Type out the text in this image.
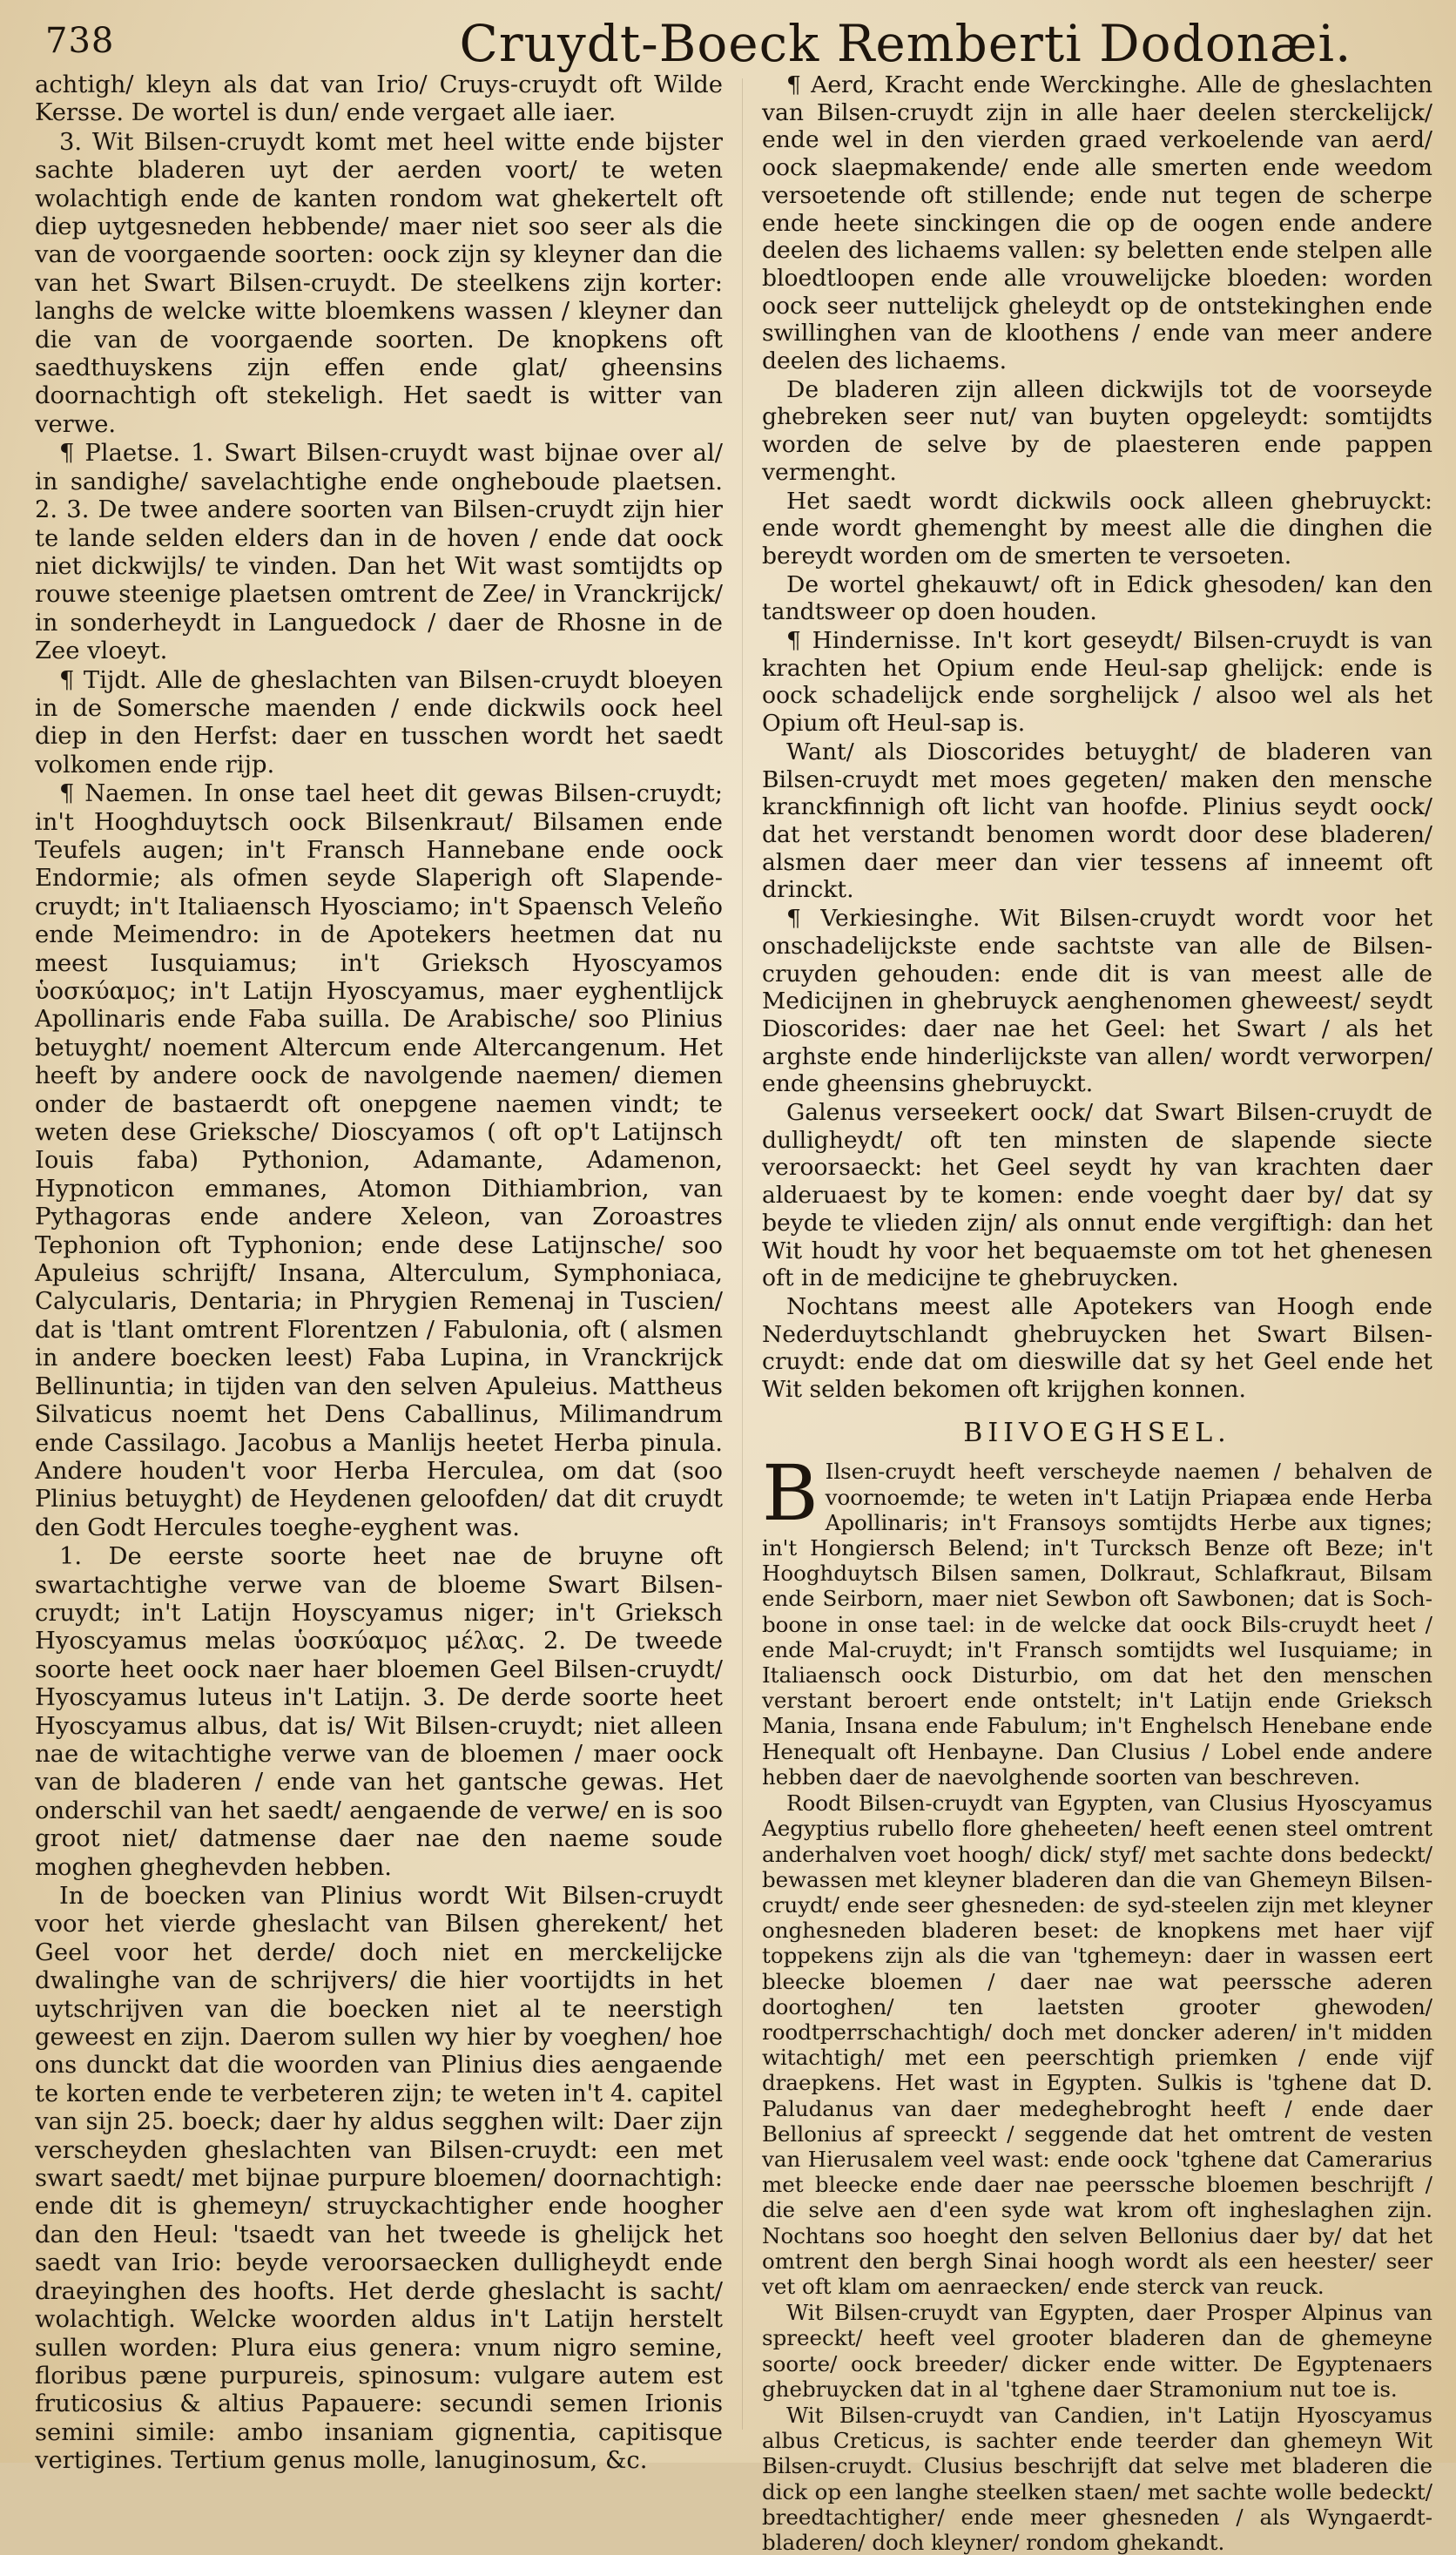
738	Cruydt-Boeck Remberti Dodonæi.

achtigh/ kleyn als dat van Irio/ Cruys-cruydt oft Wilde Kersse. De wortel is dun/ ende vergaet alle iaer.

3. Wit Bilsen-cruydt komt met heel witte ende bijster sachte bladeren uyt der aerden voort/ te weten wolachtigh ende de kanten rondom wat ghekertelt oft diep uytgesneden hebbende/ maer niet soo seer als die van de voorgaende soorten: oock zijn sy kleyner dan die van het Swart Bilsen-cruydt. De steelkens zijn korter: langhs de welcke witte bloemkens wassen / kleyner dan die van de voorgaende soorten. De knopkens oft saedthuyskens zijn effen ende glat/ gheensins doornachtigh oft stekeligh. Het saedt is witter van verwe.

¶ Plaetse. 1. Swart Bilsen-cruydt wast bijnae over al/ in sandighe/ savelachtighe ende ongheboude plaetsen. 2. 3. De twee andere soorten van Bilsen-cruydt zijn hier te lande selden elders dan in de hoven / ende dat oock niet dickwijls/ te vinden. Dan het Wit wast somtijdts op rouwe steenige plaetsen omtrent de Zee/ in Vranckrijck/ in sonderheydt in Languedock / daer de Rhosne in de Zee vloeyt.

¶ Tijdt. Alle de gheslachten van Bilsen-cruydt bloeyen in de Somersche maenden / ende dickwils oock heel diep in den Herfst: daer en tusschen wordt het saedt volkomen ende rijp.

¶ Naemen. In onse tael heet dit gewas Bilsen-cruydt; in't Hooghduytsch oock Bilsenkraut/ Bilsamen ende Teufels augen; in't Fransch Hannebane ende oock Endormie; als ofmen seyde Slaperigh oft Slapende-cruydt; in't Italiaensch Hyosciamo; in't Spaensch Veleño ende Meimendro: in de Apotekers heetmen dat nu meest Iusquiamus; in't Grieksch Hyoscyamos ὑοσκύαμος; in't Latijn Hyoscyamus, maer eyghentlijck Apollinaris ende Faba suilla. De Arabische/ soo Plinius betuyght/ noement Altercum ende Altercangenum. Het heeft by andere oock de navolgende naemen/ diemen onder de bastaerdt oft onepgene naemen vindt; te weten dese Grieksche/ Dioscyamos ( oft op't Latijnsch Iouis faba) Pythonion, Adamante, Adamenon, Hypnoticon emmanes, Atomon Dithiambrion, van Pythagoras ende andere Xeleon, van Zoroastres Tephonion oft Typhonion; ende dese Latijnsche/ soo Apuleius schrijft/ Insana, Alterculum, Symphoniaca, Calycularis, Dentaria; in Phrygien Remenaj in Tuscien/ dat is 'tlant omtrent Florentzen / Fabulonia, oft ( alsmen in andere boecken leest) Faba Lupina, in Vranckrijck Bellinuntia; in tijden van den selven Apuleius. Mattheus Silvaticus noemt het Dens Caballinus, Milimandrum ende Cassilago. Jacobus a Manlijs heetet Herba pinula. Andere houden't voor Herba Herculea, om dat (soo Plinius betuyght) de Heydenen geloofden/ dat dit cruydt den Godt Hercules toeghe-eyghent was.

1. De eerste soorte heet nae de bruyne oft swartachtighe verwe van de bloeme Swart Bilsen-cruydt; in't Latijn Hoyscyamus niger; in't Grieksch Hyoscyamus melas ὑοσκύαμος μέλας. 2. De tweede soorte heet oock naer haer bloemen Geel Bilsen-cruydt/ Hyoscyamus luteus in't Latijn. 3. De derde soorte heet Hyoscyamus albus, dat is/ Wit Bilsen-cruydt; niet alleen nae de witachtighe verwe van de bloemen / maer oock van de bladeren / ende van het gantsche gewas. Het onderschil van het saedt/ aengaende de verwe/ en is soo groot niet/ datmense daer nae den naeme soude moghen gheghevden hebben.

In de boecken van Plinius wordt Wit Bilsen-cruydt voor het vierde gheslacht van Bilsen gherekent/ het Geel voor het derde/ doch niet en merckelijcke dwalinghe van de schrijvers/ die hier voortijdts in het uytschrijven van die boecken niet al te neerstigh geweest en zijn. Daerom sullen wy hier by voeghen/ hoe ons dunckt dat die woorden van Plinius dies aengaende te korten ende te verbeteren zijn; te weten in't 4. capitel van sijn 25. boeck; daer hy aldus segghen wilt: Daer zijn verscheyden gheslachten van Bilsen-cruydt: een met swart saedt/ met bijnae purpure bloemen/ doornachtigh: ende dit is ghemeyn/ struyckachtigher ende hoogher dan den Heul: 'tsaedt van het tweede is ghelijck het saedt van Irio: beyde veroorsaecken dulligheydt ende draeyinghen des hoofts. Het derde gheslacht is sacht/ wolachtigh. Welcke woorden aldus in't Latijn herstelt sullen worden: Plura eius genera: vnum nigro semine, floribus pæne purpureis, spinosum: vulgare autem est fruticosius & altius Papauere: secundi semen Irionis semini simile: ambo insaniam gignentia, capitisque vertigines. Tertium genus molle, lanuginosum, &c.

¶ Aerd, Kracht ende Werckinghe. Alle de gheslachten van Bilsen-cruydt zijn in alle haer deelen sterckelijck/ ende wel in den vierden graed verkoelende van aerd/ oock slaepmakende/ ende alle smerten ende weedom versoetende oft stillende; ende nut tegen de scherpe ende heete sinckingen die op de oogen ende andere deelen des lichaems vallen: sy beletten ende stelpen alle bloedtloopen ende alle vrouwelijcke bloeden: worden oock seer nuttelijck gheleydt op de ontstekinghen ende swillinghen van de kloothens / ende van meer andere deelen des lichaems.

De bladeren zijn alleen dickwijls tot de voorseyde ghebreken seer nut/ van buyten opgeleydt: somtijdts worden de selve by de plaesteren ende pappen vermenght.

Het saedt wordt dickwils oock alleen ghebruyckt: ende wordt ghemenght by meest alle die dinghen die bereydt worden om de smerten te versoeten.

De wortel ghekauwt/ oft in Edick ghesoden/ kan den tandtsweer op doen houden.

¶ Hindernisse. In't kort geseydt/ Bilsen-cruydt is van krachten het Opium ende Heul-sap ghelijck: ende is oock schadelijck ende sorghelijck / alsoo wel als het Opium oft Heul-sap is.

Want/ als Dioscorides betuyght/ de bladeren van Bilsen-cruydt met moes gegeten/ maken den mensche kranckfinnigh oft licht van hoofde. Plinius seydt oock/ dat het verstandt benomen wordt door dese bladeren/ alsmen daer meer dan vier tessens af inneemt oft drinckt.

¶ Verkiesinghe. Wit Bilsen-cruydt wordt voor het onschadelijckste ende sachtste van alle de Bilsen-cruyden gehouden: ende dit is van meest alle de Medicijnen in ghebruyck aenghenomen gheweest/ seydt Dioscorides: daer nae het Geel: het Swart / als het arghste ende hinderlijckste van allen/ wordt verworpen/ ende gheensins ghebruyckt.

Galenus verseekert oock/ dat Swart Bilsen-cruydt de dulligheydt/ oft ten minsten de slapende siecte veroorsaeckt: het Geel seydt hy van krachten daer alderuaest by te komen: ende voeght daer by/ dat sy beyde te vlieden zijn/ als onnut ende vergiftigh: dan het Wit houdt hy voor het bequaemste om tot het ghenesen oft in de medicijne te ghebruycken.

Nochtans meest alle Apotekers van Hoogh ende Nederduytschlandt ghebruycken het Swart Bilsen-cruydt: ende dat om dieswille dat sy het Geel ende het Wit selden bekomen oft krijghen konnen.

BIIVOEGHSEL.

B Ilsen-cruydt heeft verscheyde naemen / behalven de voornoemde; te weten in't Latijn Priapæa ende Herba Apollinaris; in't Fransoys somtijdts Herbe aux tignes; in't Hongiersch Belend; in't Turcksch Benze oft Beze; in't Hooghduytsch Bilsen samen, Dolkraut, Schlafkraut, Bilsam ende Seirborn, maer niet Sewbon oft Sawbonen; dat is Soch-boone in onse tael: in de welcke dat oock Bils-cruydt heet / ende Mal-cruydt; in't Fransch somtijdts wel Iusquiame; in Italiaensch oock Disturbio, om dat het den menschen verstant beroert ende ontstelt; in't Latijn ende Grieksch Mania, Insana ende Fabulum; in't Enghelsch Henebane ende Henequalt oft Henbayne. Dan Clusius / Lobel ende andere hebben daer de naevolghende soorten van beschreven.

Roodt Bilsen-cruydt van Egypten, van Clusius Hyoscyamus Aegyptius rubello flore gheheeten/ heeft eenen steel omtrent anderhalven voet hoogh/ dick/ styf/ met sachte dons bedeckt/ bewassen met kleyner bladeren dan die van Ghemeyn Bilsen-cruydt/ ende seer ghesneden: de syd-steelen zijn met kleyner onghesneden bladeren beset: de knopkens met haer vijf toppekens zijn als die van 'tghemeyn: daer in wassen eert bleecke bloemen / daer nae wat peerssche aderen doortoghen/ ten laetsten grooter ghewoden/ roodtperrschachtigh/ doch met doncker aderen/ in't midden witachtigh/ met een peerschtigh priemken / ende vijf draepkens. Het wast in Egypten. Sulkis is 'tghene dat D. Paludanus van daer medeghebroght heeft / ende daer Bellonius af spreeckt / seggende dat het omtrent de vesten van Hierusalem veel wast: ende oock 'tghene dat Camerarius met bleecke ende daer nae peerssche bloemen beschrijft / die selve aen d'een syde wat krom oft ingheslaghen zijn. Nochtans soo hoeght den selven Bellonius daer by/ dat het omtrent den bergh Sinai hoogh wordt als een heester/ seer vet oft klam om aenraecken/ ende sterck van reuck.

Wit Bilsen-cruydt van Egypten, daer Prosper Alpinus van spreeckt/ heeft veel grooter bladeren dan de ghemeyne soorte/ oock breeder/ dicker ende witter. De Egyptenaers ghebruycken dat in al 'tghene daer Stramonium nut toe is.

Wit Bilsen-cruydt van Candien, in't Latijn Hyoscyamus albus Creticus, is sachter ende teerder dan ghemeyn Wit Bilsen-cruydt. Clusius beschrijft dat selve met bladeren die dick op een langhe steelken staen/ met sachte wolle bedeckt/ breedtachtigher/ ende meer ghesneden / als Wyngaerdt-bladeren/ doch kleyner/ rondom ghekandt.
